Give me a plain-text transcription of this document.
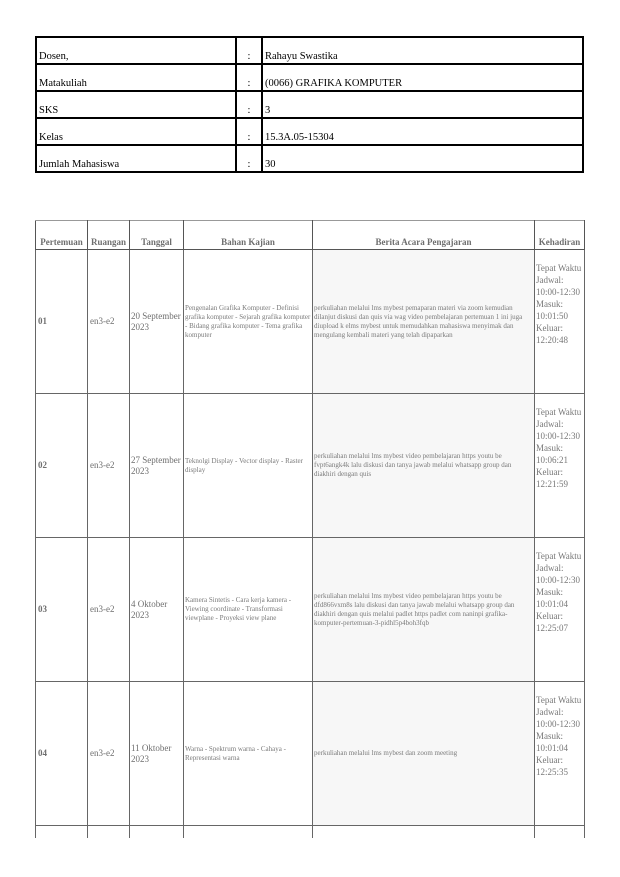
Dosen,	:	Rahayu Swastika
Matakuliah	:	(0066) GRAFIKA KOMPUTER
SKS	:	3
Kelas	:	15.3A.05-15304
Jumlah Mahasiswa	:	30
Pertemuan	Ruangan	Tanggal	Bahan Kajian	Berita Acara Pengajaran	Kehadiran
01	en3-e2	20 September 2023	Pengenalan Grafika Komputer - Definisi grafika komputer - Sejarah grafika komputer - Bidang grafika komputer - Tema grafika komputer	perkuliahan melalui lms mybest pemaparan materi via zoom kemudian dilanjut diskusi dan quis via wag video pembelajaran pertemuan 1 ini juga diupload k elms mybest untuk memudahkan mahasiswa menyimak dan mengulang kembali materi yang telah dipaparkan	Tepat Waktu Jadwal: 10:00-12:30 Masuk: 10:01:50 Keluar: 12:20:48
02	en3-e2	27 September 2023	Teknolgi Display - Vector display - Raster display	perkuliahan melalui lms mybest video pembelajaran https youtu be fvpt6angk4k lalu diskusi dan tanya jawab melalui whatsapp group dan diakhiri dengan quis	Tepat Waktu Jadwal: 10:00-12:30 Masuk: 10:06:21 Keluar: 12:21:59
03	en3-e2	4 Oktober 2023	Kamera Sintetis - Cara kerja kamera - Viewing coordinate - Transformasi viewplane - Proyeksi view plane	perkuliahan melalui lms mybest video pembelajaran https youtu be dfd866vxm8s lalu diskusi dan tanya jawab melalui whatsapp group dan diakhiri dengan quis melalui padlet https padlet com naninpi grafika-komputer-pertemuan-3-pidhl5p4boh3fqb	Tepat Waktu Jadwal: 10:00-12:30 Masuk: 10:01:04 Keluar: 12:25:07
04	en3-e2	11 Oktober 2023	Warna - Spektrum warna - Cahaya - Representasi warna	perkuliahan melalui lms mybest dan zoom meeting	Tepat Waktu Jadwal: 10:00-12:30 Masuk: 10:01:04 Keluar: 12:25:35
